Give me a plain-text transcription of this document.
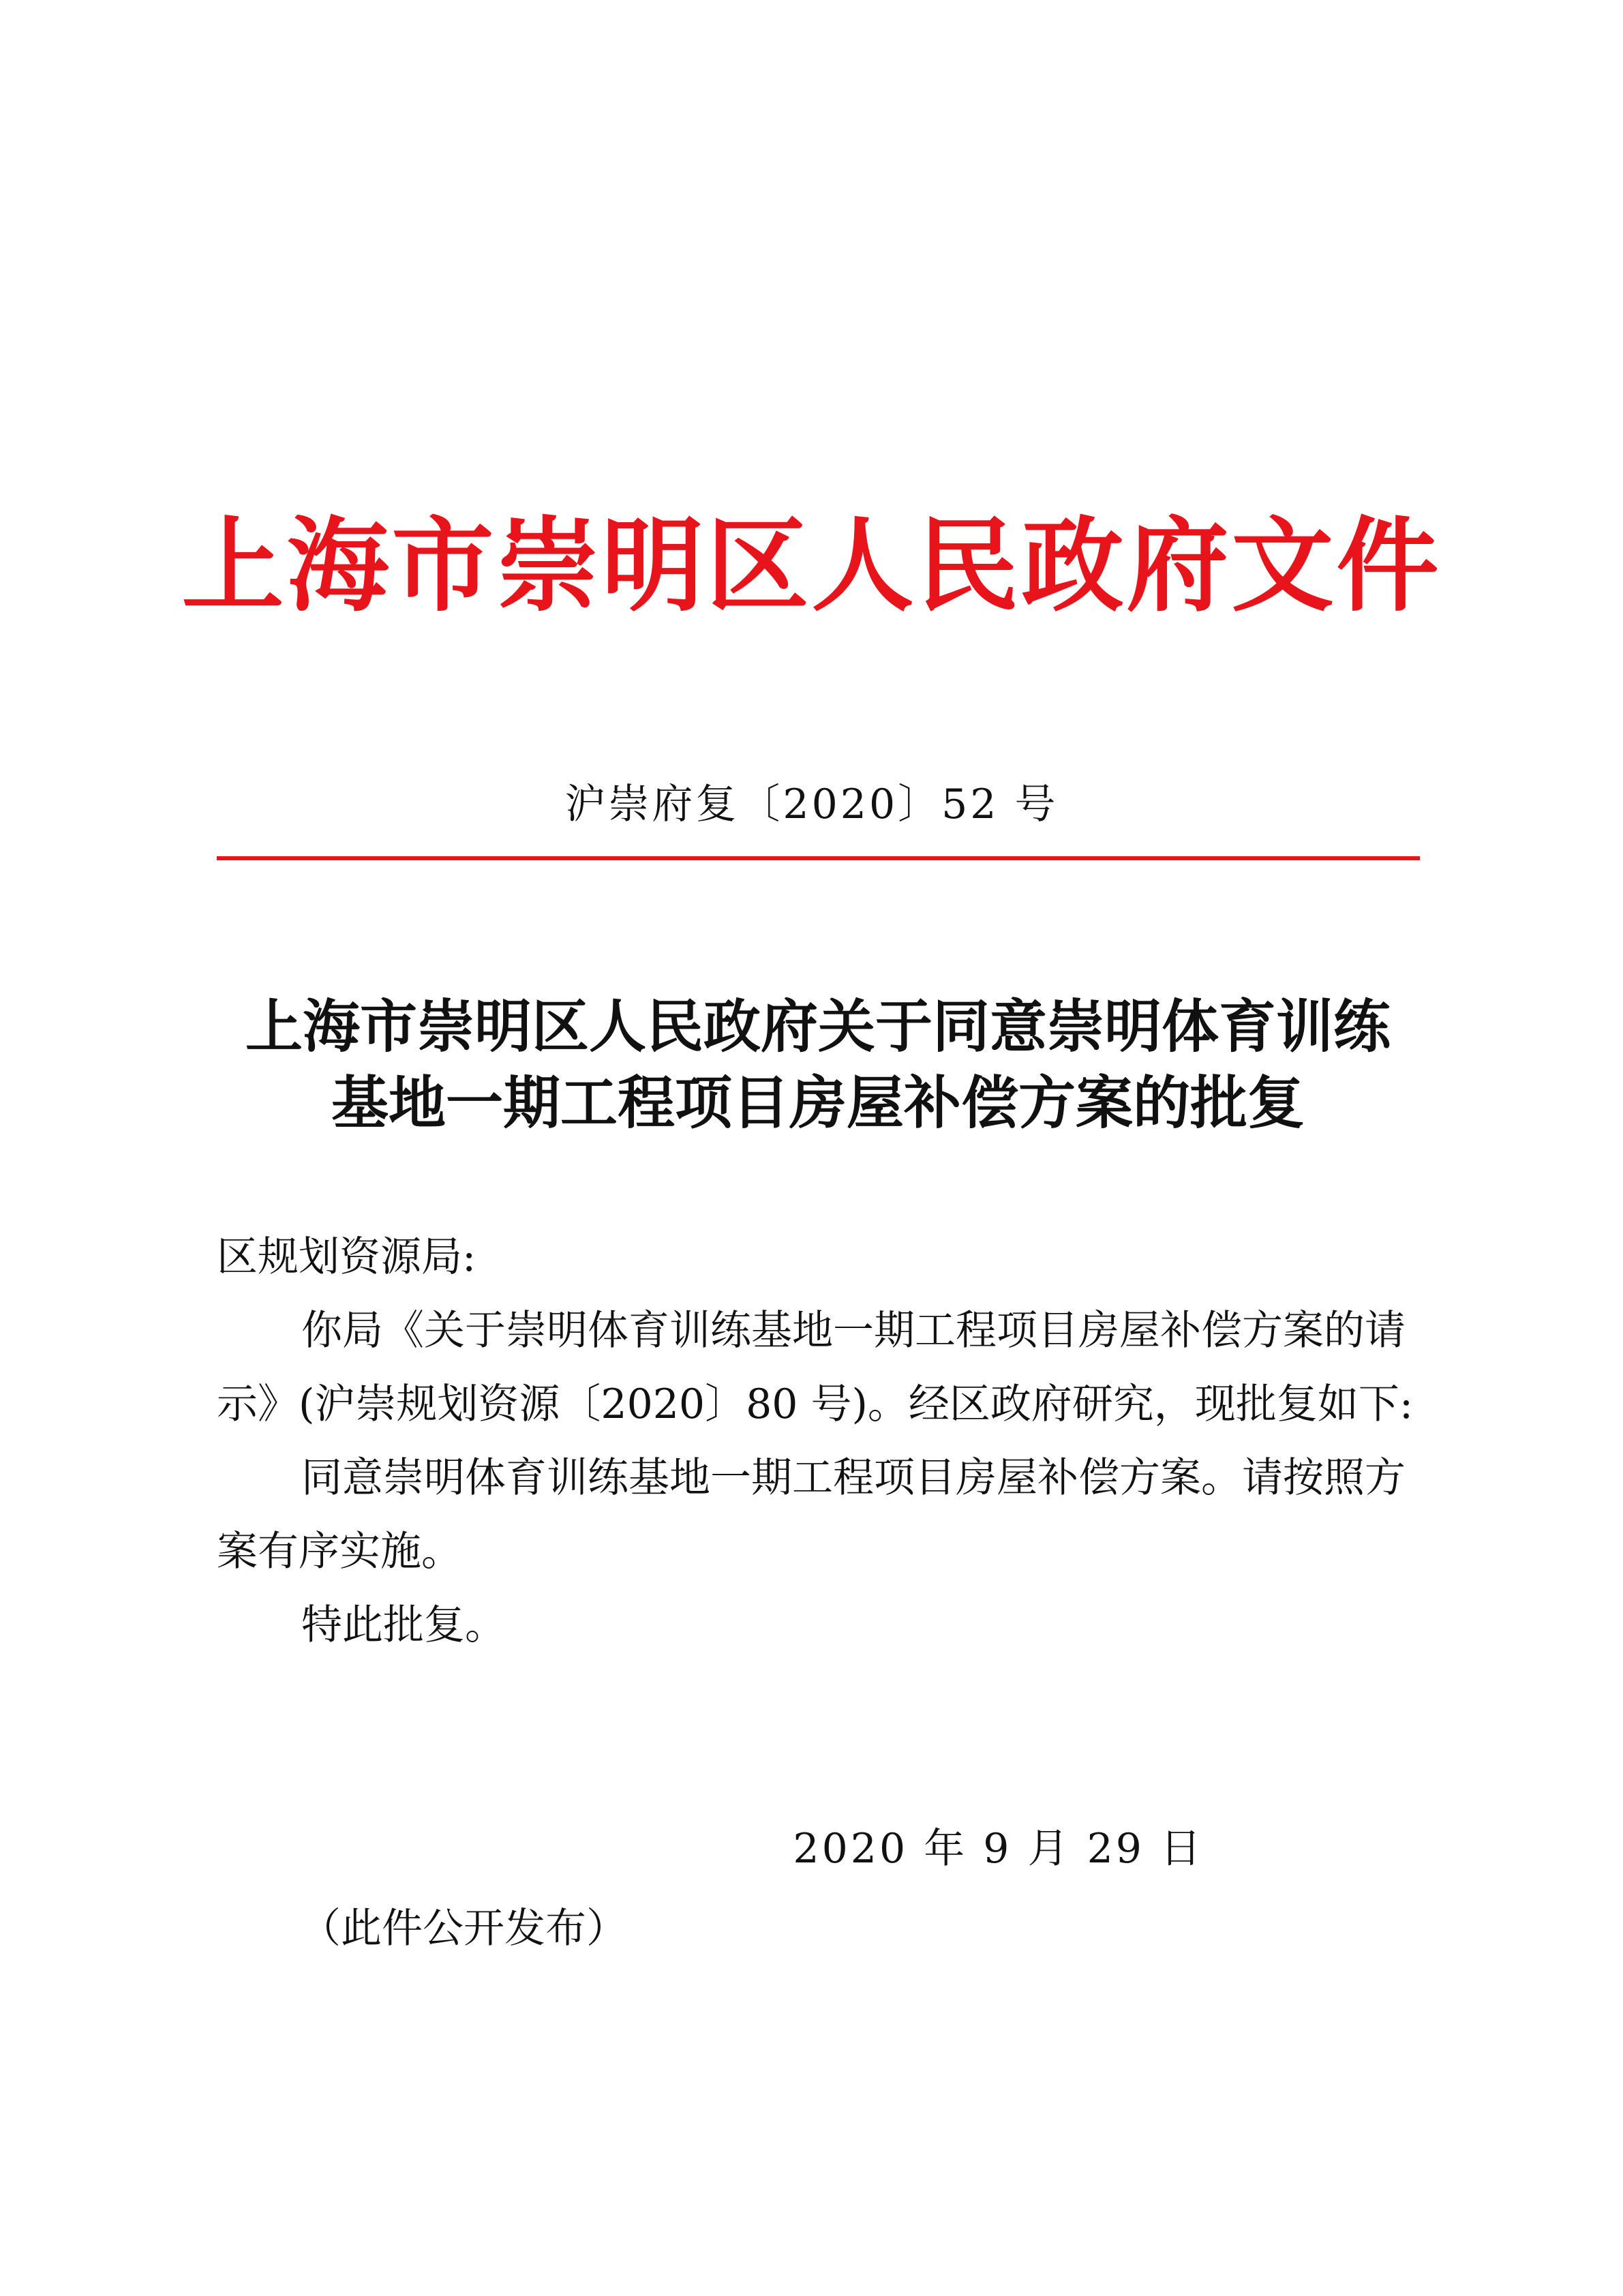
上海市崇明区人民政府文件
沪崇府复〔2020〕52 号
上海市崇明区人民政府关于同意崇明体育训练
基地一期工程项目房屋补偿方案的批复

区规划资源局:

你局《关于崇明体育训练基地一期工程项目房屋补偿方案的请示》(沪崇规划资源〔2020〕80 号)。经区政府研究，现批复如下:

同意崇明体育训练基地一期工程项目房屋补偿方案。请按照方案有序实施。

特此批复。

2020 年 9 月 29 日
（此件公开发布）
